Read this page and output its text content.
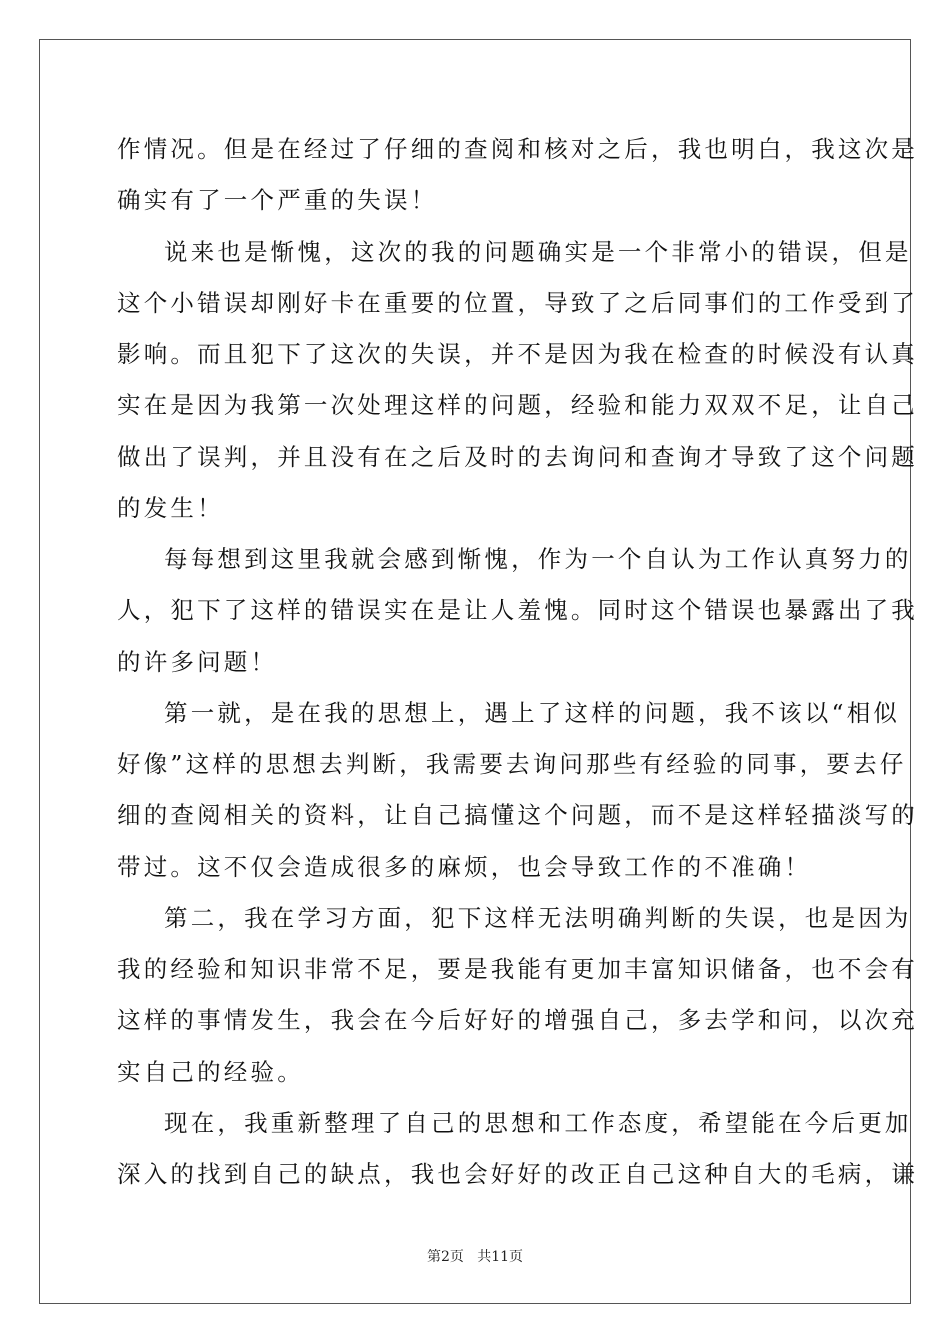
作情况。但是在经过了仔细的查阅和核对之后，我也明白，我这次是
确实有了一个严重的失误！
说来也是惭愧，这次的我的问题确实是一个非常小的错误，但是
这个小错误却刚好卡在重要的位置，导致了之后同事们的工作受到了
影响。而且犯下了这次的失误，并不是因为我在检查的时候没有认真
实在是因为我第一次处理这样的问题，经验和能力双双不足，让自己
做出了误判，并且没有在之后及时的去询问和查询才导致了这个问题
的发生！
每每想到这里我就会感到惭愧，作为一个自认为工作认真努力的
人，犯下了这样的错误实在是让人羞愧。同时这个错误也暴露出了我
的许多问题！
第一就，是在我的思想上，遇上了这样的问题，我不该以“相似
好像”这样的思想去判断，我需要去询问那些有经验的同事，要去仔
细的查阅相关的资料，让自己搞懂这个问题，而不是这样轻描淡写的
带过。这不仅会造成很多的麻烦，也会导致工作的不准确！
第二，我在学习方面，犯下这样无法明确判断的失误，也是因为
我的经验和知识非常不足，要是我能有更加丰富知识储备，也不会有
这样的事情发生，我会在今后好好的增强自己，多去学和问，以次充
实自己的经验。
现在，我重新整理了自己的思想和工作态度，希望能在今后更加
深入的找到自己的缺点，我也会好好的改正自己这种自大的毛病，谦
第2页   共11页
